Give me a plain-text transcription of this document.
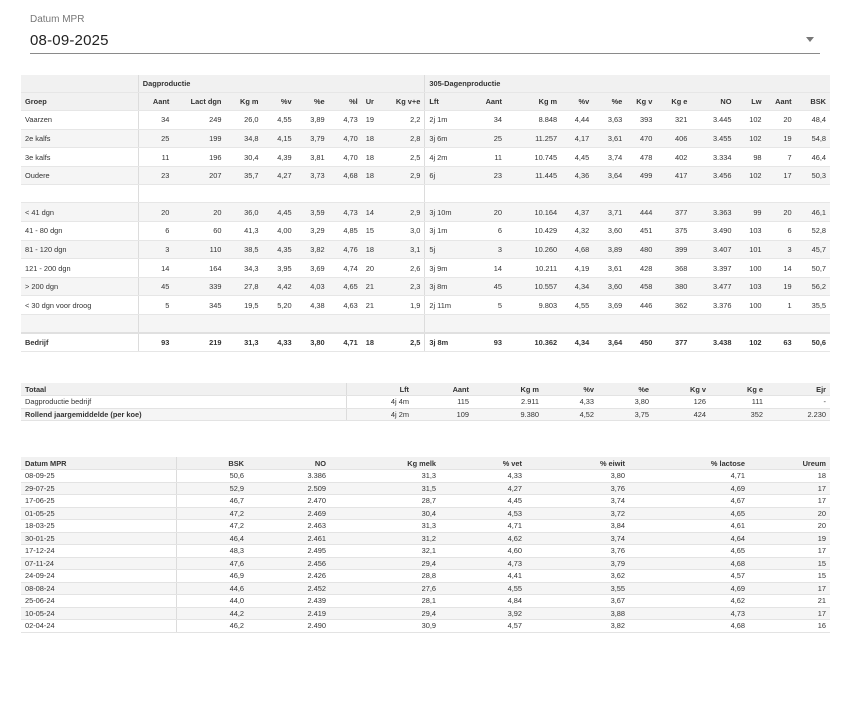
Datum MPR
08-09-2025
	Dagproductie								305-Dagenproductie										
Groep	Aant	Lact dgn	Kg m	%v	%e	%l	Ur	Kg v+e	Lft	Aant	Kg m	%v	%e	Kg v	Kg e	NO	Lw	Aant	BSK
Vaarzen	34	249	26,0	4,55	3,89	4,73	19	2,2	2j 1m	34	8.848	4,44	3,63	393	321	3.445	102	20	48,4
2e kalfs	25	199	34,8	4,15	3,79	4,70	18	2,8	3j 6m	25	11.257	4,17	3,61	470	406	3.455	102	19	54,8
3e kalfs	11	196	30,4	4,39	3,81	4,70	18	2,5	4j 2m	11	10.745	4,45	3,74	478	402	3.334	98	7	46,4
Oudere	23	207	35,7	4,27	3,73	4,68	18	2,9	6j	23	11.445	4,36	3,64	499	417	3.456	102	17	50,3

< 41 dgn	20	20	36,0	4,45	3,59	4,73	14	2,9	3j 10m	20	10.164	4,37	3,71	444	377	3.363	99	20	46,1
41 - 80 dgn	6	60	41,3	4,00	3,29	4,85	15	3,0	3j 1m	6	10.429	4,32	3,60	451	375	3.490	103	6	52,8
81 - 120 dgn	3	110	38,5	4,35	3,82	4,76	18	3,1	5j	3	10.260	4,68	3,89	480	399	3.407	101	3	45,7
121 - 200 dgn	14	164	34,3	3,95	3,69	4,74	20	2,6	3j 9m	14	10.211	4,19	3,61	428	368	3.397	100	14	50,7
> 200 dgn	45	339	27,8	4,42	4,03	4,65	21	2,3	3j 8m	45	10.557	4,34	3,60	458	380	3.477	103	19	56,2
< 30 dgn voor droog	5	345	19,5	5,20	4,38	4,63	21	1,9	2j 11m	5	9.803	4,55	3,69	446	362	3.376	100	1	35,5

Bedrijf	93	219	31,3	4,33	3,80	4,71	18	2,5	3j 8m	93	10.362	4,34	3,64	450	377	3.438	102	63	50,6
Totaal	Lft	Aant	Kg m	%v	%e	Kg v	Kg e	Ejr
Dagproductie bedrijf	4j 4m	115	2.911	4,33	3,80	126	111	-
Rollend jaargemiddelde (per koe)	4j 2m	109	9.380	4,52	3,75	424	352	2.230
Datum MPR	BSK	NO	Kg melk	% vet	% eiwit	% lactose	Ureum
08-09-25	50,6	3.386	31,3	4,33	3,80	4,71	18
29-07-25	52,9	2.509	31,5	4,27	3,76	4,69	17
17-06-25	46,7	2.470	28,7	4,45	3,74	4,67	17
01-05-25	47,2	2.469	30,4	4,53	3,72	4,65	20
18-03-25	47,2	2.463	31,3	4,71	3,84	4,61	20
30-01-25	46,4	2.461	31,2	4,62	3,74	4,64	19
17-12-24	48,3	2.495	32,1	4,60	3,76	4,65	17
07-11-24	47,6	2.456	29,4	4,73	3,79	4,68	15
24-09-24	46,9	2.426	28,8	4,41	3,62	4,57	15
08-08-24	44,6	2.452	27,6	4,55	3,55	4,69	17
25-06-24	44,0	2.439	28,1	4,84	3,67	4,62	21
10-05-24	44,2	2.419	29,4	3,92	3,88	4,73	17
02-04-24	46,2	2.490	30,9	4,57	3,82	4,68	16
